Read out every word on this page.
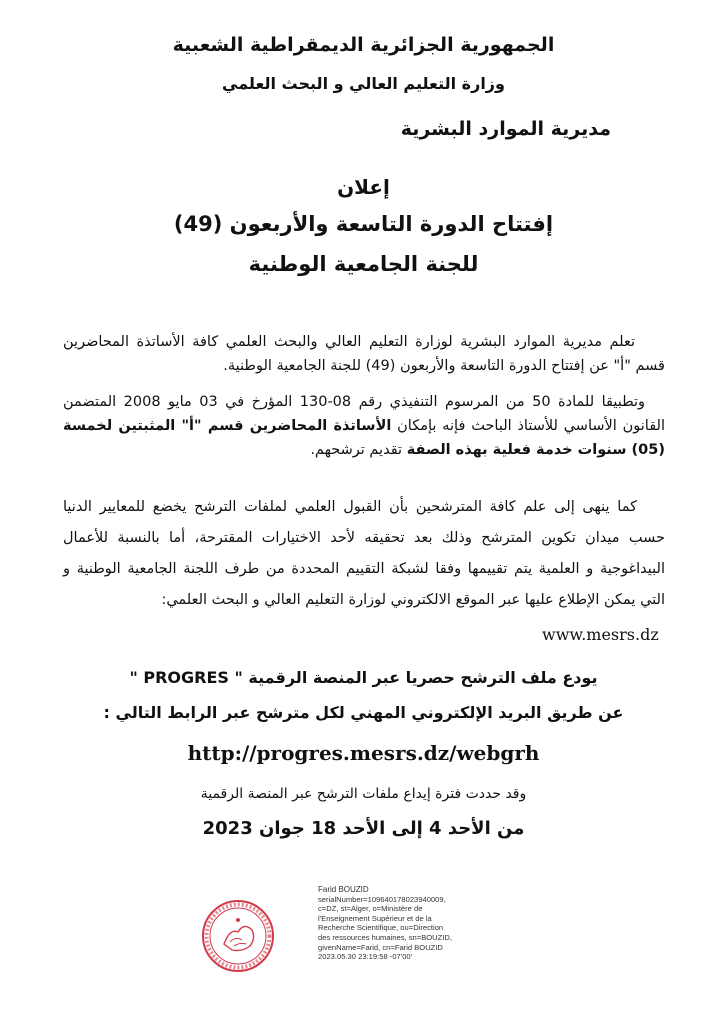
الجمهورية الجزائرية الديمقراطية الشعبية
وزارة التعليم العالي و البحث العلمي
مديرية الموارد البشرية
إعلان
إفتتاح الدورة التاسعة والأربعون (49)
للجنة الجامعية الوطنية
تعلم مديرية الموارد البشرية لوزارة التعليم العالي والبحث العلمي كافة الأساتذة المحاضرين قسم "أ" عن إفتتاح الدورة التاسعة والأربعون (49) للجنة الجامعية الوطنية.
وتطبيقا للمادة 50 من المرسوم التنفيذي رقم 08-130 المؤرخ في 03 مايو 2008 المتضمن القانون الأساسي للأستاذ الباحث فإنه بإمكان الأساتذة المحاضرين قسم "أ" المثبتين لخمسة (05) سنوات خدمة فعلية بهذه الصفة تقديم ترشحهم.
كما ينهى إلى علم كافة المترشحين بأن القبول العلمي لملفات الترشح يخضع للمعايير الدنيا حسب ميدان تكوين المترشح وذلك بعد تحقيقه لأحد الاختيارات المقترحة، أما بالنسبة للأعمال البيداغوجية و العلمية يتم تقييمها وفقا لشبكة التقييم المحددة من طرف اللجنة الجامعية الوطنية و التي يمكن الإطلاع عليها عبر الموقع الالكتروني لوزارة التعليم العالي و البحث العلمي:
www.mesrs.dz
يودع ملف الترشح حصريا عبر المنصة الرقمية " PROGRES "
عن طريق البريد الإلكتروني المهني لكل مترشح عبر الرابط التالي :
http://progres.mesrs.dz/webgrh
وقد حددت فترة إيداع ملفات الترشح عبر المنصة الرقمية
من الأحد 4 إلى الأحد 18 جوان 2023
Farid BOUZID
serialNumber=109640178023940009,
c=DZ, st=Alger, o=Ministère de
l'Enseignement Supérieur et de la
Recherche Scientifique, ou=Direction
des ressources humaines, sn=BOUZID,
givenName=Farid, cn=Farid BOUZID
2023.05.30 23:19:58 -07'00'
